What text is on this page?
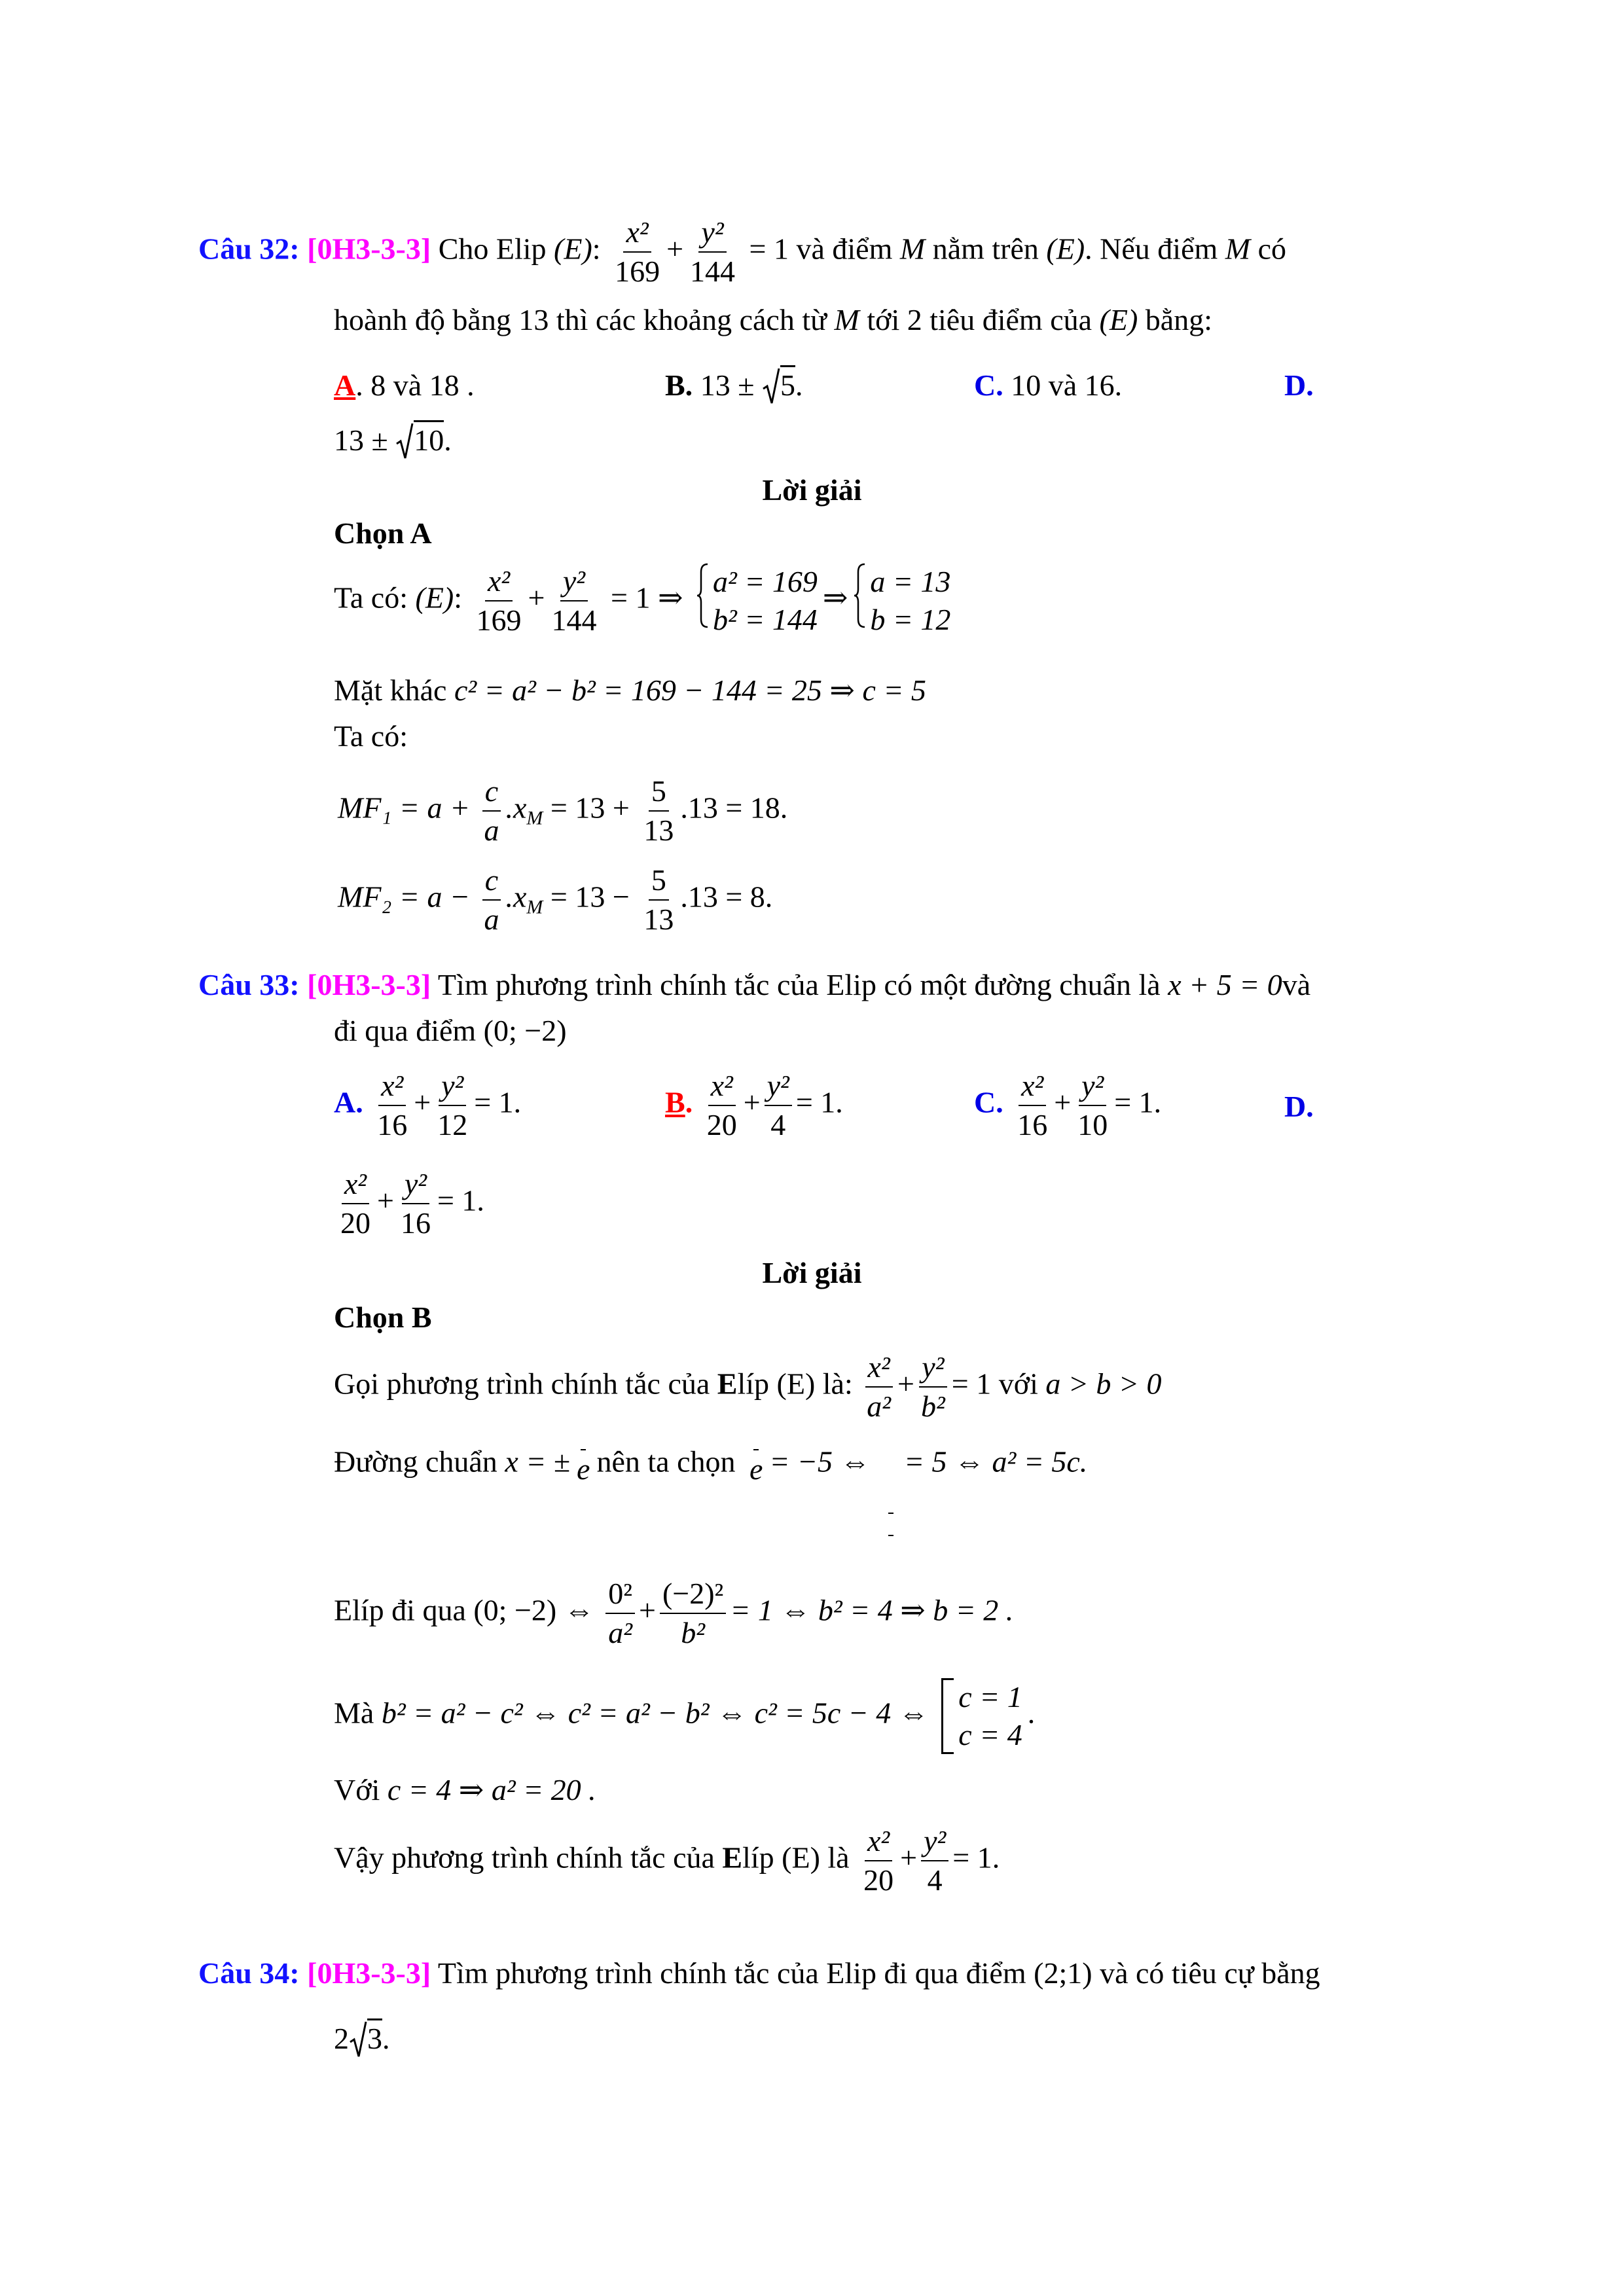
Câu 32: [0H3-3-3] Cho Elip (E): $\frac{\text{x²}}{169} + \frac{\text{y²}}{144} = 1$ và điểm M nằm trên (E). Nếu điểm M có
hoành độ bằng 13 thì các khoảng cách từ M tới 2 tiêu điểm của (E) bằng:
A. 8 và 18 .	B. 13 ± 5.	C. 10 và 16.	D.
13 ± 10.
Lời giải
Chọn A
Ta có: (E): $\frac{\text{x²}}{169} + \frac{\text{y²}}{144} = 1$ ⇒ a² = 169
b² = 144
⇒ a = 13
b = 12
Mặt khác c² = a² − b² = 169 − 144 = 25 ⇒ c = 5
Ta có:
$MF_1 = a + \frac{c}{a} .x_M = 13 + \frac{5}{13} .13 = 18$.
$MF_2 = a - \frac{c}{a} .x_M = 13 - \frac{5}{13} .13 = 8$.
Câu 33: [0H3-3-3] Tìm phương trình chính tắc của Elip có một đường chuẩn là x + 5 = 0và
đi qua điểm (0; −2)
A. $\frac{\text{x²}}{16} + \frac{\text{y²}}{12} = 1$.	B. $\frac{\text{x²}}{20} + \frac{\text{y²}}{4} = 1$.	C. $\frac{\text{x²}}{16} + \frac{\text{y²}}{10} = 1$.	D.
$\frac{\text{x²}}{20} + \frac{\text{y²}}{16} = 1$.
Lời giải
Chọn B
Gọi phương trình chính tắc của Elíp (E) là: $\frac{\text{x²}}{\text{a²}} + \frac{\text{y²}}{\text{b²}} = 1$ với a > b > 0
Đường chuẩn x = ± e nên ta chọn e = −5 ⇔ = 5 ⇔ a² = 5c.
Elíp đi qua (0; −2) ⇔ $\frac{\text{0²}}{\text{a²}} + \frac{\text{(−2)²}}{\text{b²}} = 1$ ⇔ b² = 4 ⇒ b = 2 .
Mà b² = a² − c² ⇔ c² = a² − b² ⇔ c² = 5c − 4 ⇔ c = 1
c = 4
.
Với c = 4 ⇒ a² = 20 .
Vậy phương trình chính tắc của Elíp (E) là $\frac{\text{x²}}{20} + \frac{\text{y²}}{4} = 1$.
Câu 34: [0H3-3-3] Tìm phương trình chính tắc của Elip đi qua điểm (2;1) và có tiêu cự bằng
2 3.
